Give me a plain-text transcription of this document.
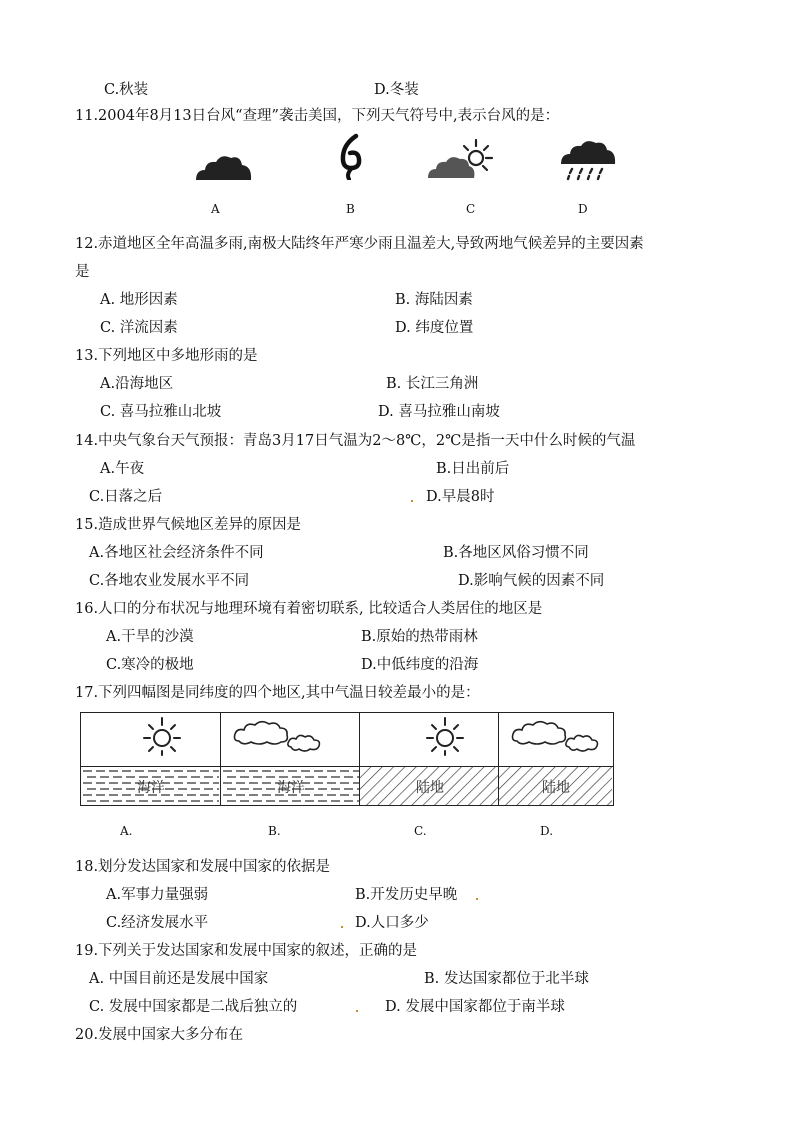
C.秋装	D.冬装
11.2004年8月13日台风“查理”袭击美国，下列天气符号中,表示台风的是：
A	B	C	D
12.赤道地区全年高温多雨,南极大陆终年严寒少雨且温差大,导致两地气候差异的主要因素
是
A. 地形因素	B. 海陆因素
C. 洋流因素	D. 纬度位置
13.下列地区中多地形雨的是
A.沿海地区	B. 长江三角洲
C. 喜马拉雅山北坡	D. 喜马拉雅山南坡
14.中央气象台天气预报：青岛3月17日气温为2～8℃，2℃是指一天中什么时候的气温
A.午夜	B.日出前后
C.日落之后	D.早晨8时
15.造成世界气候地区差异的原因是
A.各地区社会经济条件不同	B.各地区风俗习惯不同
C.各地农业发展水平不同	D.影响气候的因素不同
16.人口的分布状况与地理环境有着密切联系, 比较适合人类居住的地区是
A.干旱的沙漠	B.原始的热带雨林
C.寒冷的极地	D.中低纬度的沿海
17.下列四幅图是同纬度的四个地区,其中气温日较差最小的是：
海洋	海洋	陆地	陆地
A.	B.	C.	D.
18.划分发达国家和发展中国家的依据是
A.军事力量强弱	B.开发历史早晚
C.经济发展水平	D.人口多少
19.下列关于发达国家和发展中国家的叙述，正确的是
A. 中国目前还是发展中国家	B. 发达国家都位于北半球
C. 发展中国家都是二战后独立的	D. 发展中国家都位于南半球
20.发展中国家大多分布在
